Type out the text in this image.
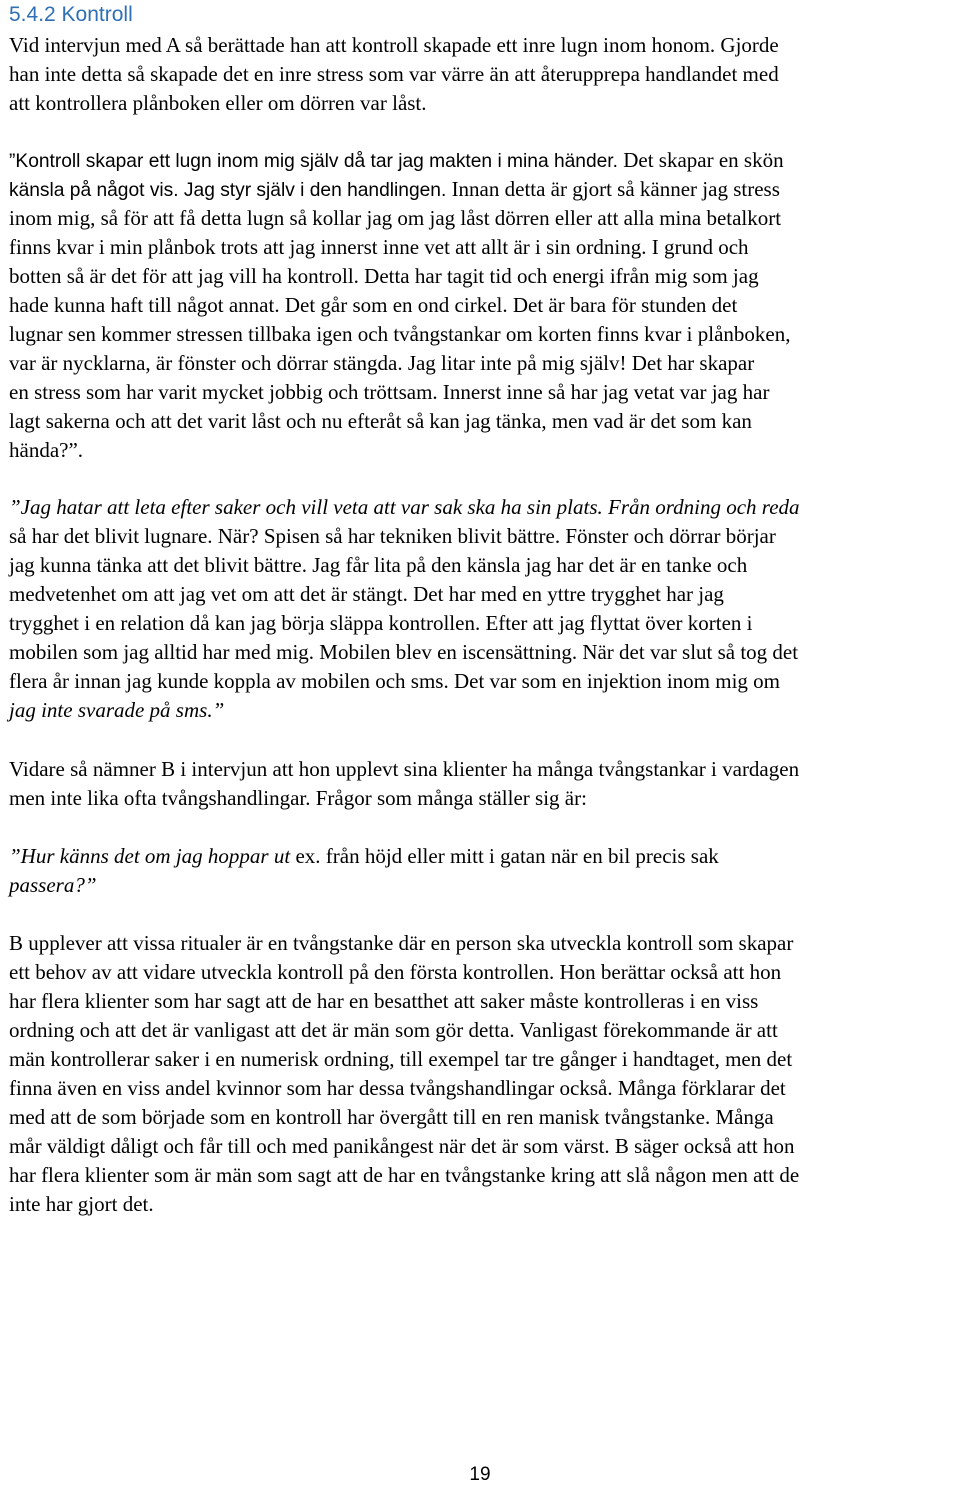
5.4.2 Kontroll
Vid intervjun med A så berättade han att kontroll skapade ett inre lugn inom honom. Gjorde
han inte detta så skapade det en inre stress som var värre än att återupprepa handlandet med
att kontrollera plånboken eller om dörren var låst.
”Kontroll skapar ett lugn inom mig själv då tar jag makten i mina händer. Det skapar en skön
känsla på något vis. Jag styr själv i den handlingen. Innan detta är gjort så känner jag stress
inom mig, så för att få detta lugn så kollar jag om jag låst dörren eller att alla mina betalkort
finns kvar i min plånbok trots att jag innerst inne vet att allt är i sin ordning. I grund och
botten så är det för att jag vill ha kontroll. Detta har tagit tid och energi ifrån mig som jag
hade kunna haft till något annat. Det går som en ond cirkel. Det är bara för stunden det
lugnar sen kommer stressen tillbaka igen och tvångstankar om korten finns kvar i plånboken,
var är nycklarna, är fönster och dörrar stängda. Jag litar inte på mig själv! Det har skapar
en stress som har varit mycket jobbig och tröttsam. Innerst inne så har jag vetat var jag har
lagt sakerna och att det varit låst och nu efteråt så kan jag tänka, men vad är det som kan
hända?”.
”Jag hatar att leta efter saker och vill veta att var sak ska ha sin plats. Från ordning och reda
så har det blivit lugnare. När? Spisen så har tekniken blivit bättre. Fönster och dörrar börjar
jag kunna tänka att det blivit bättre. Jag får lita på den känsla jag har det är en tanke och
medvetenhet om att jag vet om att det är stängt. Det har med en yttre trygghet har jag
trygghet i en relation då kan jag börja släppa kontrollen. Efter att jag flyttat över korten i
mobilen som jag alltid har med mig. Mobilen blev en iscensättning. När det var slut så tog det
flera år innan jag kunde koppla av mobilen och sms. Det var som en injektion inom mig om
jag inte svarade på sms.”
Vidare så nämner B i intervjun att hon upplevt sina klienter ha många tvångstankar i vardagen
men inte lika ofta tvångshandlingar. Frågor som många ställer sig är:
”Hur känns det om jag hoppar ut ex. från höjd eller mitt i gatan när en bil precis sak
passera?”
B upplever att vissa ritualer är en tvångstanke där en person ska utveckla kontroll som skapar
ett behov av att vidare utveckla kontroll på den första kontrollen. Hon berättar också att hon
har flera klienter som har sagt att de har en besatthet att saker måste kontrolleras i en viss
ordning och att det är vanligast att det är män som gör detta. Vanligast förekommande är att
män kontrollerar saker i en numerisk ordning, till exempel tar tre gånger i handtaget, men det
finna även en viss andel kvinnor som har dessa tvångshandlingar också. Många förklarar det
med att de som började som en kontroll har övergått till en ren manisk tvångstanke. Många
mår väldigt dåligt och får till och med panikångest när det är som värst. B säger också att hon
har flera klienter som är män som sagt att de har en tvångstanke kring att slå någon men att de
inte har gjort det.
19
